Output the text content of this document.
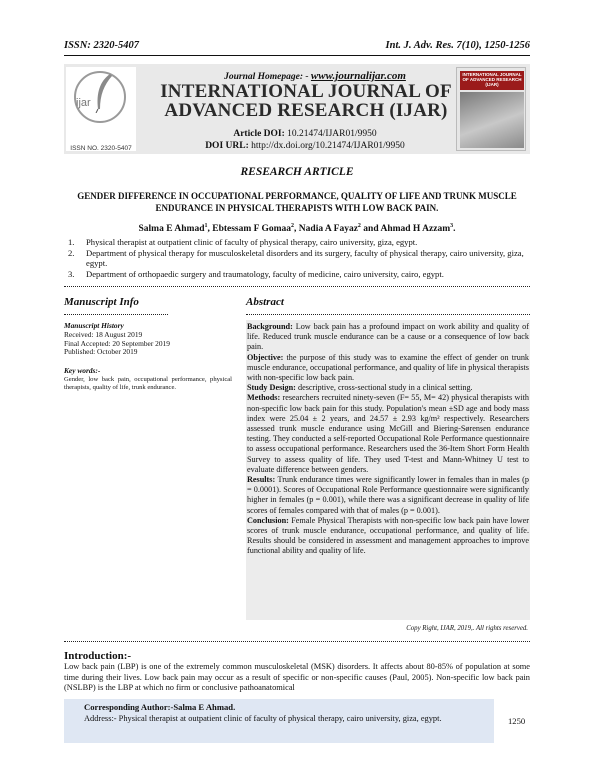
ISSN: 2320-5407	Int. J. Adv. Res. 7(10), 1250-1256
ijar
ISSN NO. 2320-5407
Journal Homepage: - www.journalijar.com
INTERNATIONAL JOURNAL OF
ADVANCED RESEARCH (IJAR)
Article DOI: 10.21474/IJAR01/9950
DOI URL: http://dx.doi.org/10.21474/IJAR01/9950
INTERNATIONAL JOURNAL OF ADVANCED RESEARCH (IJAR)
RESEARCH ARTICLE
GENDER DIFFERENCE IN OCCUPATIONAL PERFORMANCE, QUALITY OF LIFE AND TRUNK MUSCLE ENDURANCE IN PHYSICAL THERAPISTS WITH LOW BACK PAIN.
Salma E Ahmad$^1$, Ebtessam F Gomaa$^2$, Nadia A Fayaz$^2$ and Ahmad H Azzam$^3$.
1. Physical therapist at outpatient clinic of faculty of physical therapy, cairo university, giza, egypt.
2. Department of physical therapy for musculoskeletal disorders and its surgery, faculty of physical therapy, cairo university, giza, egypt.
3. Department of orthopaedic surgery and traumatology, faculty of medicine, cairo university, cairo, egypt.
Manuscript Info	Abstract
Manuscript History
Received: 18 August 2019
Final Accepted: 20 September 2019
Published: October 2019
Key words:-
Gender, low back pain, occupational performance, physical therapists, quality of life, trunk endurance.

Background: Low back pain has a profound impact on work ability and quality of life. Reduced trunk muscle endurance can be a cause or a consequence of low back pain.

Objective: the purpose of this study was to examine the effect of gender on trunk muscle endurance, occupational performance, and quality of life in physical therapists with non-specific low back pain.

Study Design: descriptive, cross-sectional study in a clinical setting.

Methods: researchers recruited ninety-seven (F= 55, M= 42) physical therapists with non-specific low back pain for this study. Population's mean ±SD age and body mass index were 25.04 ± 2 years, and 24.57 ± 2.93 kg/m² respectively. Researchers assessed trunk muscle endurance using McGill and Biering-Sørensen endurance testing. They conducted a self-reported Occupational Role Performance questionnaire to assess occupational performance. Researchers used the 36-Item Short Form Health Survey to assess quality of life. They used T-test and Mann-Whitney U test to evaluate difference between genders.

Results: Trunk endurance times were significantly lower in females than in males (p = 0.0001). Scores of Occupational Role Performance questionnaire were significantly higher in females (p = 0.001), while there was a significant decrease in quality of life scores of females compared with that of males (p = 0.001).

Conclusion: Female Physical Therapists with non-specific low back pain have lower scores of trunk muscle endurance, occupational performance, and quality of life. Results should be considered in assessment and management approaches to improve functional ability and quality of life.

Copy Right, IJAR, 2019,. All rights reserved.
Introduction:-
Low back pain (LBP) is one of the extremely common musculoskeletal (MSK) disorders. It affects about 80-85% of population at some time during their lives. Low back pain may occur as a result of specific or non-specific causes (Paul, 2005). Non-specific low back pain (NSLBP) is the LBP at which no firm or conclusive pathoanatomical
Corresponding Author:-Salma E Ahmad.
Address:- Physical therapist at outpatient clinic of faculty of physical therapy, cairo university, giza, egypt.	1250
